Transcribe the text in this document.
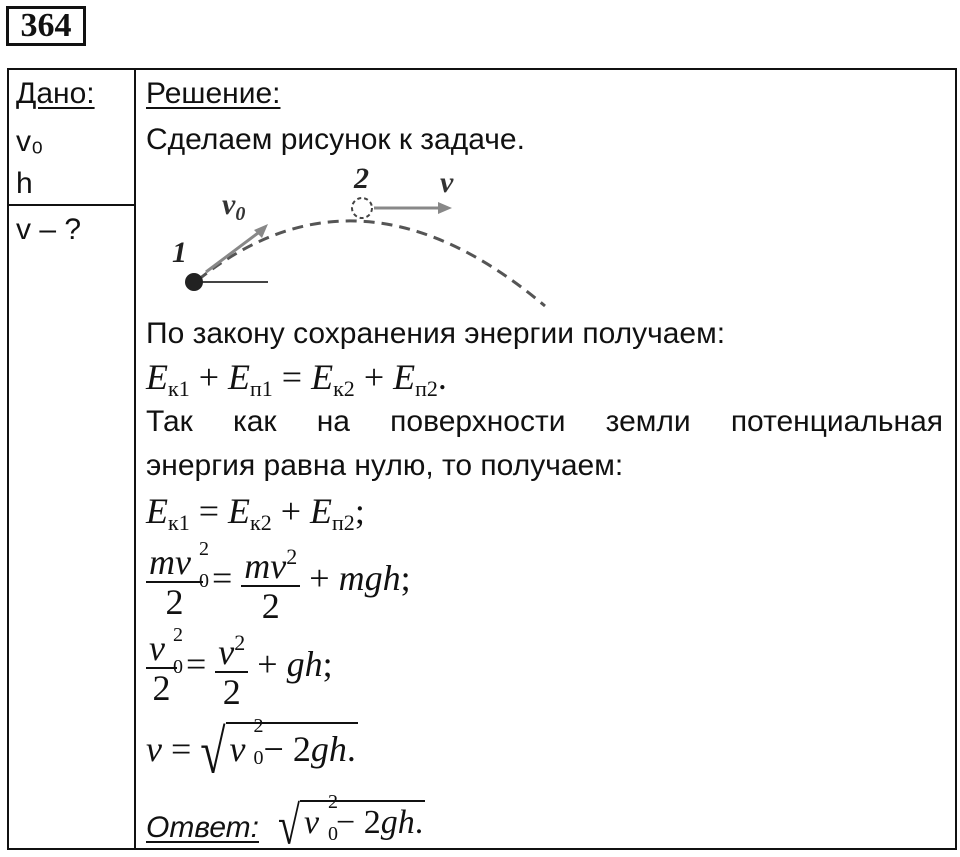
364
Дано:
v₀
h
v – ?
Решение:
Сделаем рисунок к задаче.
1
2
$v_0$
v
По закону сохранения энергии получаем:
$E_{к1} + E_{п1} = E_{к2} + E_{п2}$.
Так как на поверхности земли потенциальная
энергия равна нулю, то получаем:
$E_{к1} = E_{к2} + E_{п2}$;
mv 2
0

$2 = \frac{mv^2}{2}$ + mgh;
v 2
0

$2 = \frac{v^2}{2}$ + gh;
v = √ v
2
0 − 2gh.
Ответ: √ v
2
0
− 2gh.
